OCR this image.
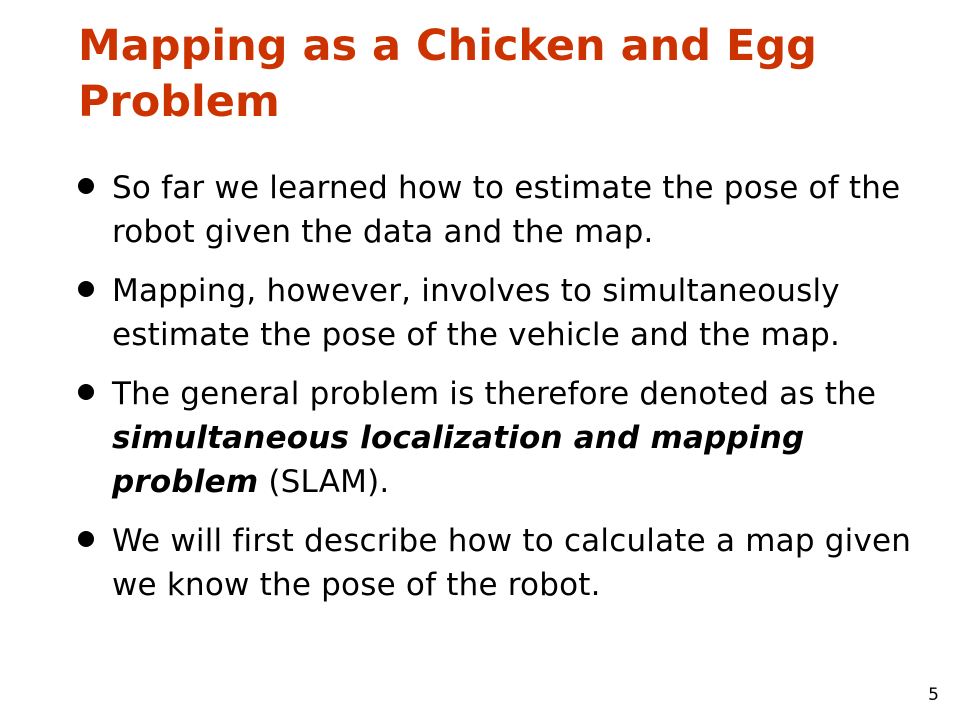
Mapping as a Chicken and Egg Problem
So far we learned how to estimate the pose of the robot given the data and the map.
Mapping, however, involves to simultaneously estimate the pose of the vehicle and the map.
The general problem is therefore denoted as the simultaneous localization and mapping problem (SLAM).
We will first describe how to calculate a map given we know the pose of the robot.
5
